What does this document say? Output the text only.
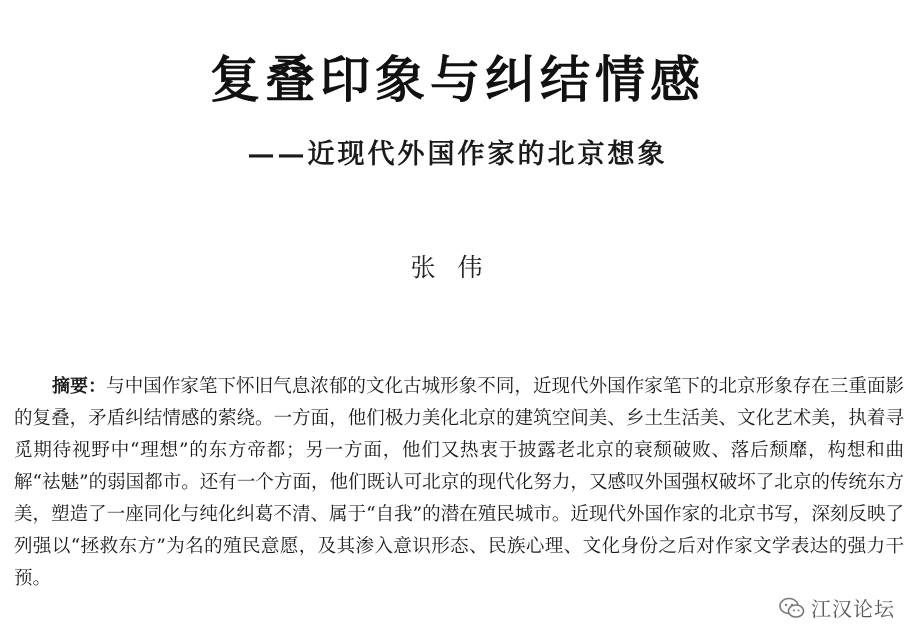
复叠印象与纠结情感
——近现代外国作家的北京想象
张伟
摘要：与中国作家笔下怀旧气息浓郁的文化古城形象不同，近现代外国作家笔下的北京形象存在三重面影的复叠，矛盾纠结情感的萦绕。一方面，他们极力美化北京的建筑空间美、乡土生活美、文化艺术美，执着寻觅期待视野中“理想”的东方帝都；另一方面，他们又热衷于披露老北京的衰颓破败、落后颓靡，构想和曲解“祛魅”的弱国都市。还有一个方面，他们既认可北京的现代化努力，又感叹外国强权破坏了北京的传统东方美，塑造了一座同化与纯化纠葛不清、属于“自我”的潜在殖民城市。近现代外国作家的北京书写，深刻反映了列强以“拯救东方”为名的殖民意愿，及其渗入意识形态、民族心理、文化身份之后对作家文学表达的强力干预。
江汉论坛
